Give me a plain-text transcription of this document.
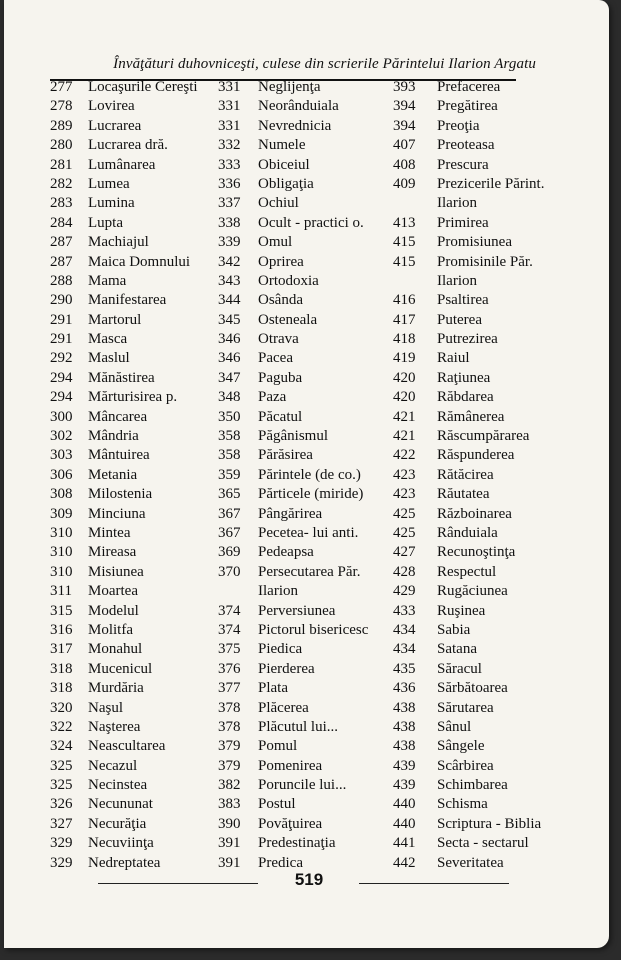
Învăţături duhovniceşti, culese din scrierile Părintelui Ilarion Argatu
277 Locaşurile Cereşti
278 Lovirea
289 Lucrarea
280 Lucrarea dră.
281 Lumânarea
282 Lumea
283 Lumina
284 Lupta
287 Machiajul
287 Maica Domnului
288 Mama
290 Manifestarea
291 Martorul
291 Masca
292 Maslul
294 Mănăstirea
294 Mărturisirea p.
300 Mâncarea
302 Mândria
303 Mântuirea
306 Metania
308 Milostenia
309 Minciuna
310 Mintea
310 Mireasa
310 Misiunea
311 Moartea
315 Modelul
316 Molitfa
317 Monahul
318 Mucenicul
318 Murdăria
320 Naşul
322 Naşterea
324 Neascultarea
325 Necazul
325 Necinstea
326 Necununat
327 Necurăţia
329 Necuviinţa
329 Nedreptatea
331 Neglijenţa
331 Neorânduiala
331 Nevrednicia
332 Numele
333 Obiceiul
336 Obligaţia
337 Ochiul
338 Ocult - practici o.
339 Omul
342 Oprirea
343 Ortodoxia
344 Osânda
345 Osteneala
346 Otrava
346 Pacea
347 Paguba
348 Paza
350 Păcatul
358 Păgânismul
358 Părăsirea
359 Părintele (de co.)
365 Părticele (miride)
367 Pângărirea
367 Pecetea- lui anti.
369 Pedeapsa
370 Persecutarea Păr.
Ilarion
374 Perversiunea
374 Pictorul bisericesc
375 Piedica
376 Pierderea
377 Plata
378 Plăcerea
378 Plăcutul lui...
379 Pomul
379 Pomenirea
382 Poruncile lui...
383 Postul
390 Povăţuirea
391 Predestinaţia
391 Predica
393 Prefacerea
394 Pregătirea
394 Preoţia
407 Preoteasa
408 Prescura
409 Prezicerile Părint.
Ilarion
413 Primirea
415 Promisiunea
415 Promisinile Păr.
Ilarion
416 Psaltirea
417 Puterea
418 Putrezirea
419 Raiul
420 Raţiunea
420 Răbdarea
421 Rămânerea
421 Răscumpărarea
422 Răspunderea
423 Rătăcirea
423 Răutatea
425 Războinarea
425 Rânduiala
427 Recunoştinţa
428 Respectul
429 Rugăciunea
433 Ruşinea
434 Sabia
434 Satana
435 Săracul
436 Sărbătoarea
438 Sărutarea
438 Sânul
438 Sângele
439 Scârbirea
439 Schimbarea
440 Schisma
440 Scriptura - Biblia
441 Secta - sectarul
442 Severitatea
519
